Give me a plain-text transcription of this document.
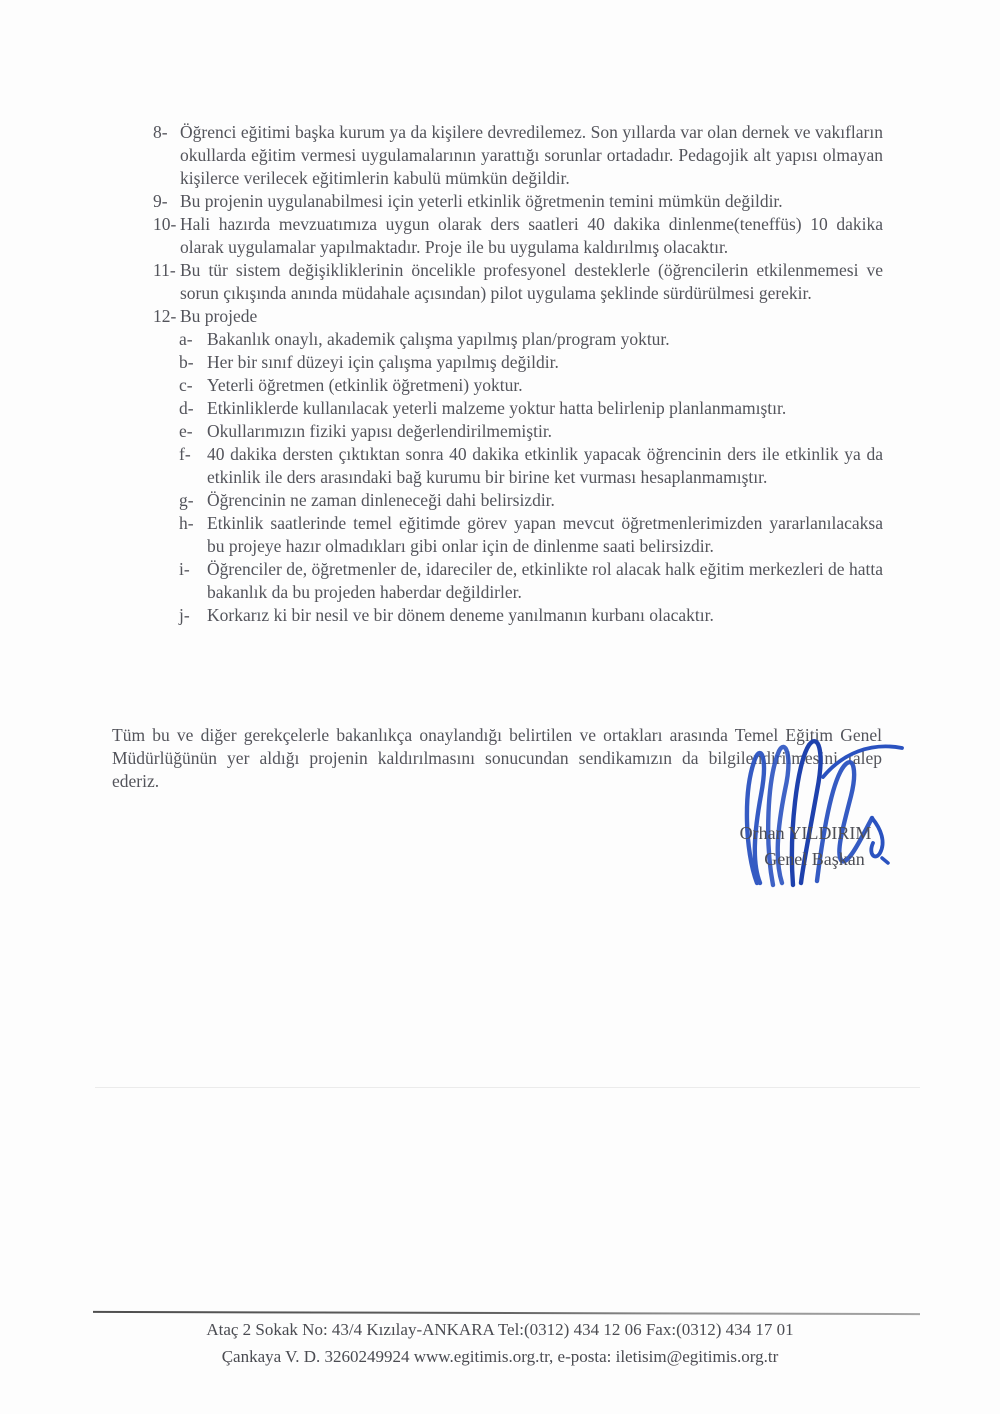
8- Öğrenci eğitimi başka kurum ya da kişilere devredilemez. Son yıllarda var olan dernek ve vakıfların okullarda eğitim vermesi uygulamalarının yarattığı sorunlar ortadadır. Pedagojik alt yapısı olmayan kişilerce verilecek eğitimlerin kabulü mümkün değildir.
9- Bu projenin uygulanabilmesi için yeterli etkinlik öğretmenin temini mümkün değildir.
10- Hali hazırda mevzuatımıza uygun olarak ders saatleri 40 dakika dinlenme(teneffüs) 10 dakika olarak uygulamalar yapılmaktadır. Proje ile bu uygulama kaldırılmış olacaktır.
11- Bu tür sistem değişikliklerinin öncelikle profesyonel desteklerle (öğrencilerin etkilenmemesi ve sorun çıkışında anında müdahale açısından) pilot uygulama şeklinde sürdürülmesi gerekir.
12- Bu projede
a- Bakanlık onaylı, akademik çalışma yapılmış plan/program yoktur.
b- Her bir sınıf düzeyi için çalışma yapılmış değildir.
c- Yeterli öğretmen (etkinlik öğretmeni) yoktur.
d- Etkinliklerde kullanılacak yeterli malzeme yoktur hatta belirlenip planlanmamıştır.
e- Okullarımızın fiziki yapısı değerlendirilmemiştir.
f- 40 dakika dersten çıktıktan sonra 40 dakika etkinlik yapacak öğrencinin ders ile etkinlik ya da etkinlik ile ders arasındaki bağ kurumu bir birine ket vurması hesaplanmamıştır.
g- Öğrencinin ne zaman dinleneceği dahi belirsizdir.
h- Etkinlik saatlerinde temel eğitimde görev yapan mevcut öğretmenlerimizden yararlanılacaksa bu projeye hazır olmadıkları gibi onlar için de dinlenme saati belirsizdir.
i- Öğrenciler de, öğretmenler de, idareciler de, etkinlikte rol alacak halk eğitim merkezleri de hatta bakanlık da bu projeden haberdar değildirler.
j- Korkarız ki bir nesil ve bir dönem deneme yanılmanın kurbanı olacaktır.

Tüm bu ve diğer gerekçelerle bakanlıkça onaylandığı belirtilen ve ortakları arasında Temel Eğitim Genel Müdürlüğünün yer aldığı projenin kaldırılmasını sonucundan sendikamızın da bilgilendirilmesini talep ederiz.

Orhan YILDIRIM
Genel Başkan
Ataç 2 Sokak No: 43/4 Kızılay-ANKARA Tel:(0312) 434 12 06 Fax:(0312) 434 17 01
Çankaya V. D. 3260249924 www.egitimis.org.tr, e-posta: iletisim@egitimis.org.tr
